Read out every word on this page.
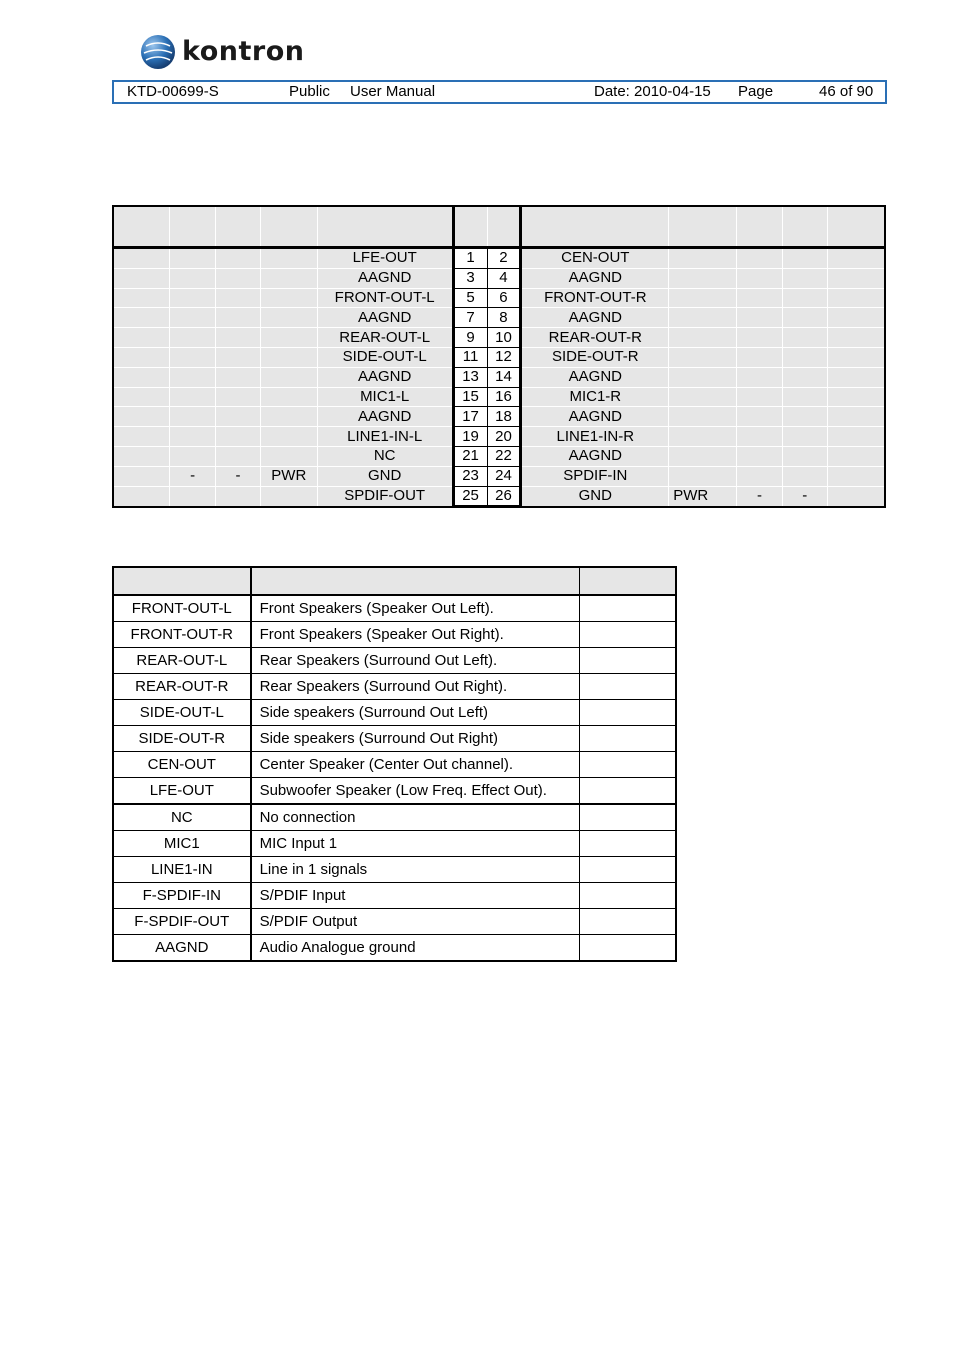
kontron
KTD-00699-S	Public User Manual	Date: 2010-04-15 Page	46 of 90

				LFE-OUT	1	2	CEN-OUT				
				AAGND	3	4	AAGND				
				FRONT-OUT-L	5	6	FRONT-OUT-R				
				AAGND	7	8	AAGND				
				REAR-OUT-L	9	10	REAR-OUT-R				
				SIDE-OUT-L	11	12	SIDE-OUT-R				
				AAGND	13	14	AAGND				
				MIC1-L	15	16	MIC1-R				
				AAGND	17	18	AAGND				
				LINE1-IN-L	19	20	LINE1-IN-R				
				NC	21	22	AAGND				
	-	-	PWR	GND	23	24	SPDIF-IN				
				SPDIF-OUT	25	26	GND	PWR	-	-	

FRONT-OUT-L	Front Speakers (Speaker Out Left).	
FRONT-OUT-R	Front Speakers (Speaker Out Right).	
REAR-OUT-L	Rear Speakers (Surround Out Left).	
REAR-OUT-R	Rear Speakers (Surround Out Right).	
SIDE-OUT-L	Side speakers (Surround Out Left)	
SIDE-OUT-R	Side speakers (Surround Out Right)	
CEN-OUT	Center Speaker (Center Out channel).	
LFE-OUT	Subwoofer Speaker (Low Freq. Effect Out).	
NC	No connection	
MIC1	MIC Input 1	
LINE1-IN	Line in 1 signals	
F-SPDIF-IN	S/PDIF Input	
F-SPDIF-OUT	S/PDIF Output	
AAGND	Audio Analogue ground	
